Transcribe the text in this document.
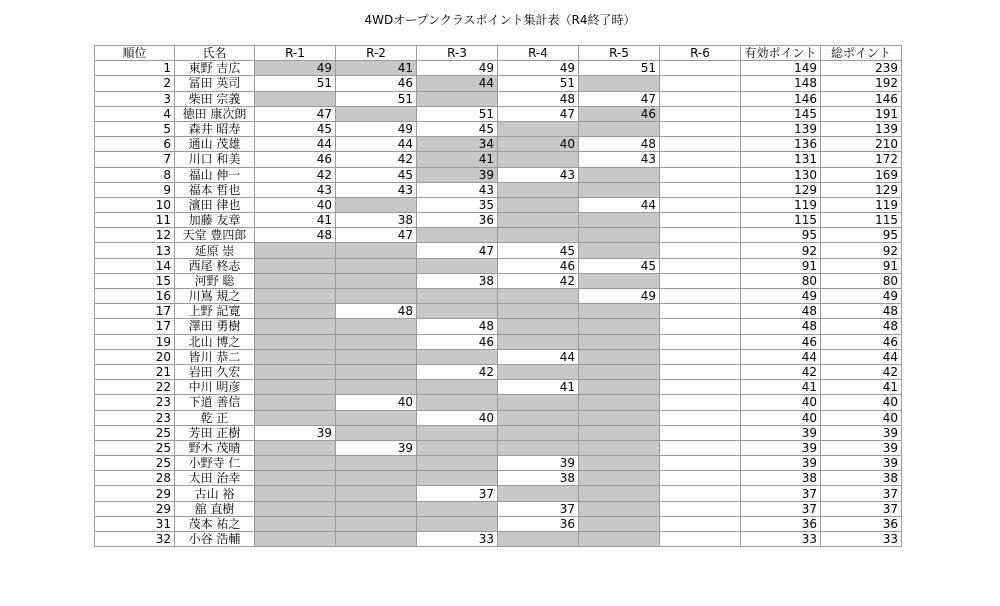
4WDオープンクラスポイント集計表（R4終了時）
順位	氏名	R-1	R-2	R-3	R-4	R-5	R-6	有効ポイント	総ポイント
1	東野 吉広	49	41	49	49	51		149	239
2	冨田 英司	51	46	44	51			148	192
3	柴田 宗義		51		48	47		146	146
4	徳田 康次朗	47		51	47	46		145	191
5	森井 昭寿	45	49	45				139	139
6	通山 茂雄	44	44	34	40	48		136	210
7	川口 和美	46	42	41		43		131	172
8	福山 伸一	42	45	39	43			130	169
9	福本 哲也	43	43	43				129	129
10	濱田 律也	40		35		44		119	119
11	加藤 友章	41	38	36				115	115
12	天堂 豊四郎	48	47					95	95
13	延原 崇			47	45			92	92
14	西尾 柊志				46	45		91	91
15	河野 聡			38	42			80	80
16	川嶌 規之					49		49	49
17	上野 記寛		48					48	48
17	澤田 勇樹			48				48	48
19	北山 博之			46				46	46
20	皆川 恭二				44			44	44
21	岩田 久宏			42				42	42
22	中川 明彦				41			41	41
23	下道 善信		40					40	40
23	乾 正			40				40	40
25	芳田 正樹	39						39	39
25	野木 茂晴		39					39	39
25	小野寺 仁				39			39	39
28	太田 治幸				38			38	38
29	古山 裕			37				37	37
29	舘 直樹				37			37	37
31	茂本 祐之				36			36	36
32	小谷 浩輔			33				33	33
